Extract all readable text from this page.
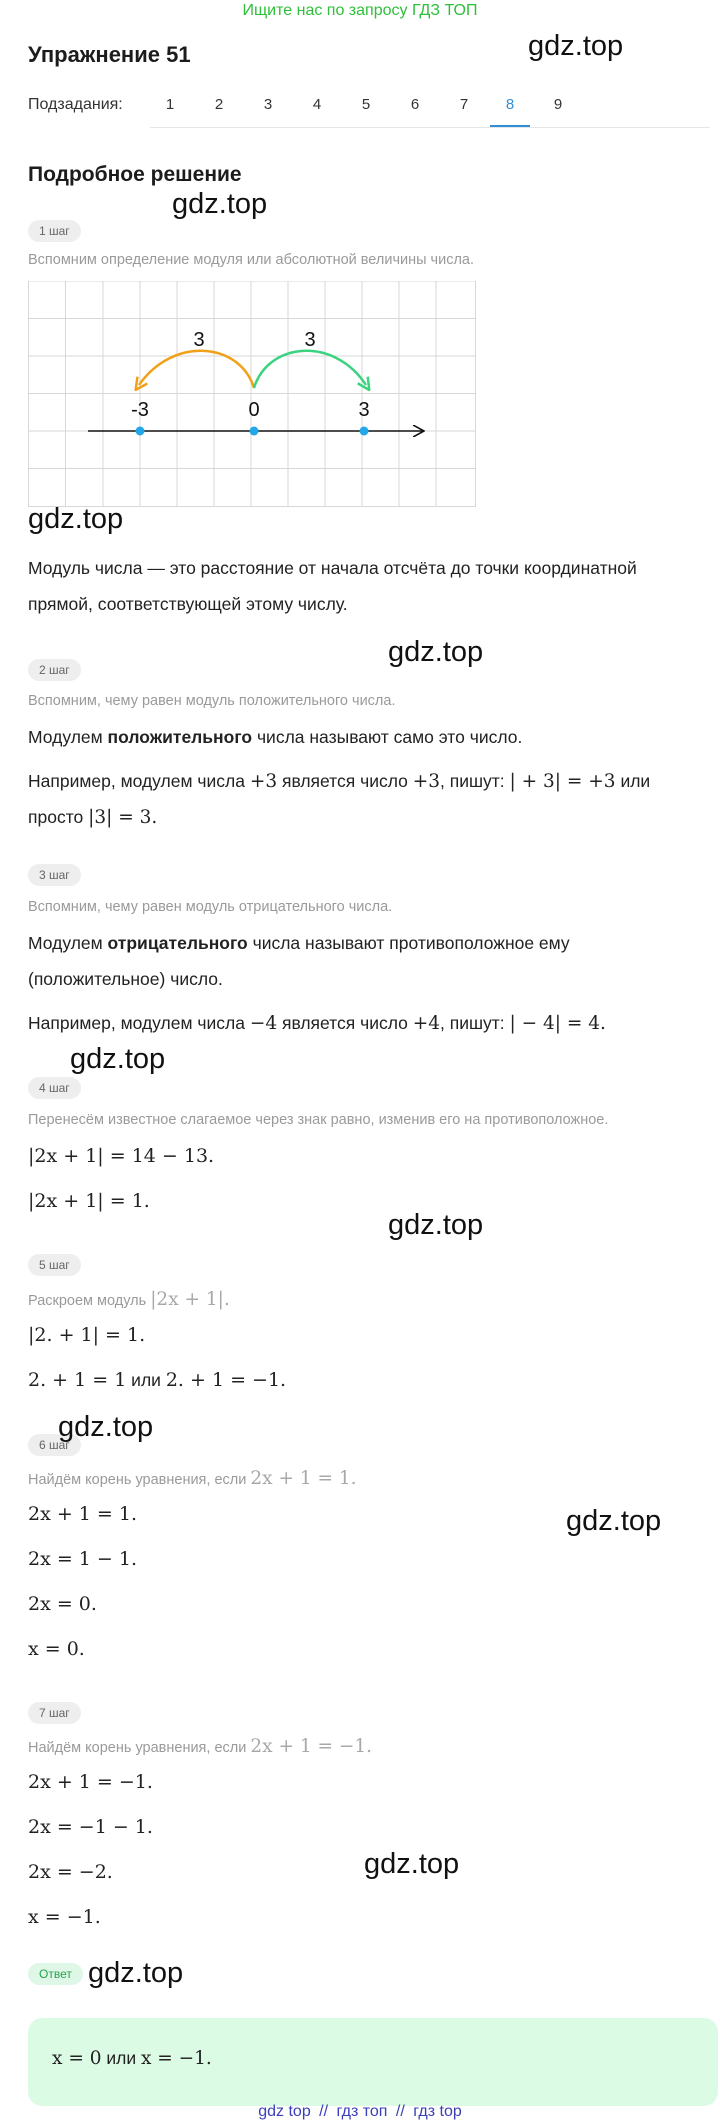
Ищите нас по запросу ГДЗ ТОП
Упражнение 51
Подзадания:	1	2	3	4	5	6	7	8	9
Подробное решение
1 шаг
Вспомним определение модуля или абсолютной величины числа.
3	3
-3	0	3
Модуль числа — это расстояние от начала отсчёта до точки координатной
прямой, соответствующей этому числу.
2 шаг
Вспомним, чему равен модуль положительного числа.
Модулем положительного числа называют само это число.
Например, модулем числа +3 является число +3, пишут: | + 3| = +3 или
просто |3| = 3.
3 шаг
Вспомним, чему равен модуль отрицательного числа.
Модулем отрицательного числа называют противоположное ему
(положительное) число.
Например, модулем числа −4 является число +4, пишут: | − 4| = 4.
4 шаг
Перенесём известное слагаемое через знак равно, изменив его на противоположное.
|2x + 1| = 14 − 13.
|2x + 1| = 1.
5 шаг
Раскроем модуль |2x + 1|.
|2. + 1| = 1.
2. + 1 = 1 или 2. + 1 = −1.
6 шаг
Найдём корень уравнения, если 2x + 1 = 1.
2x + 1 = 1.
2x = 1 − 1.
2x = 0.
x = 0.
7 шаг
Найдём корень уравнения, если 2x + 1 = −1.
2x + 1 = −1.
2x = −1 − 1.
2x = −2.
x = −1.
Ответ
x = 0 или x = −1.
gdz.top
gdz.top
gdz.top
gdz.top
gdz.top
gdz.top
gdz.top
gdz.top
gdz.top
gdz.top
gdz top // гдз топ // гдз top
